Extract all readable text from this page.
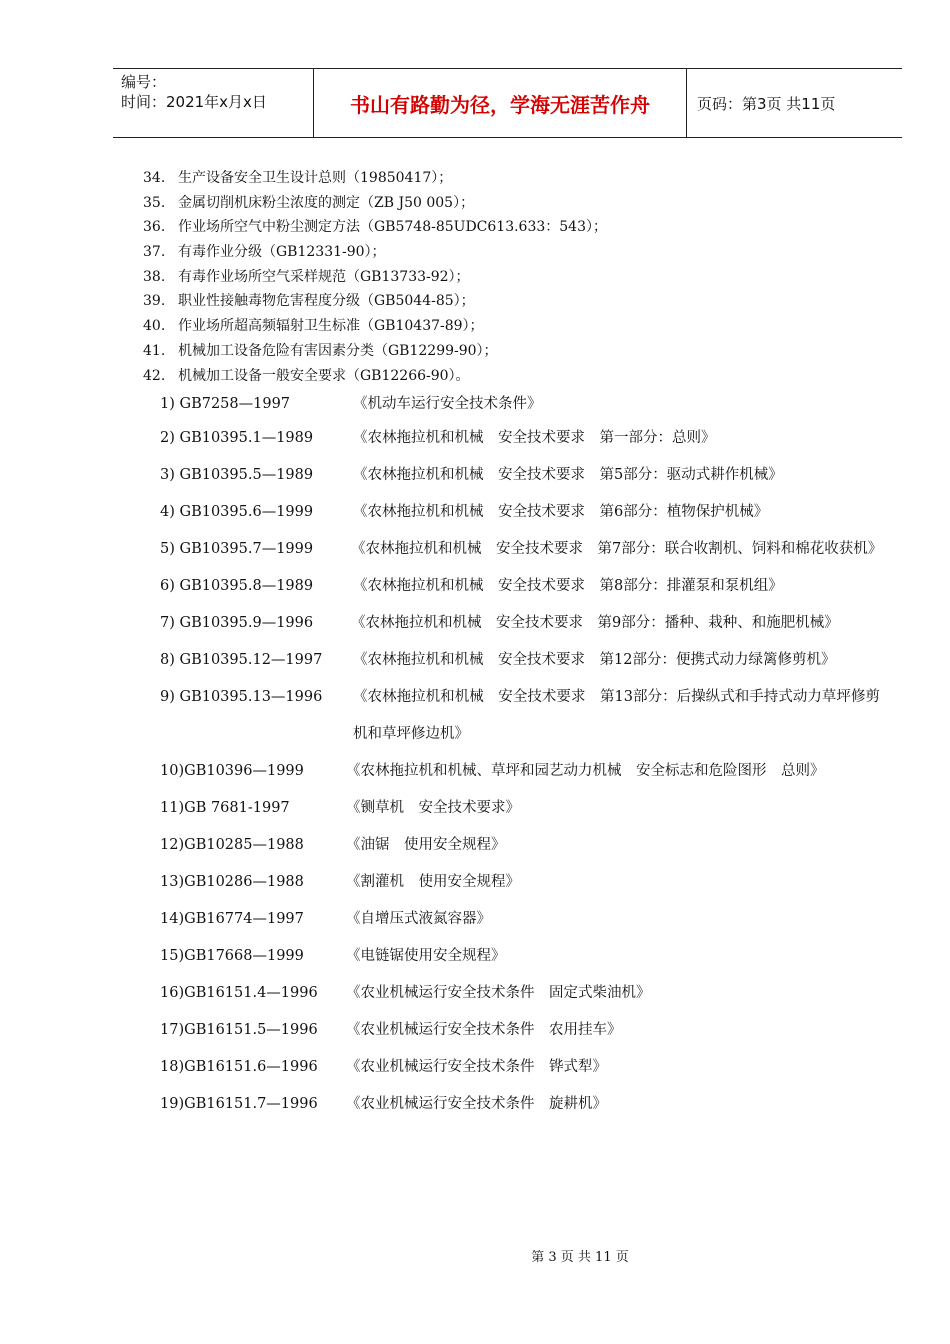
编号：
时间：2021年x月x日	书山有路勤为径，学海无涯苦作舟	页码：第3页 共11页
34. 生产设备安全卫生设计总则（19850417）；
35. 金属切削机床粉尘浓度的测定（ZB J50 005）；
36. 作业场所空气中粉尘测定方法（GB5748-85UDC613.633：543）；
37. 有毒作业分级（GB12331-90）；
38. 有毒作业场所空气采样规范（GB13733-92）；
39. 职业性接触毒物危害程度分级（GB5044-85）；
40. 作业场所超高频辐射卫生标准（GB10437-89）；
41. 机械加工设备危险有害因素分类（GB12299-90）；
42. 机械加工设备一般安全要求（GB12266-90）。
1) GB7258—1997	《机动车运行安全技术条件》
2) GB10395.1—1989	《农林拖拉机和机械　安全技术要求　第一部分：总则》
3) GB10395.5—1989	《农林拖拉机和机械　安全技术要求　第5部分：驱动式耕作机械》
4) GB10395.6—1999	《农林拖拉机和机械　安全技术要求　第6部分：植物保护机械》
5) GB10395.7—1999	《农林拖拉机和机械　安全技术要求　第7部分：联合收割机、饲料和棉花收获机》
6) GB10395.8—1989	《农林拖拉机和机械　安全技术要求　第8部分：排灌泵和泵机组》
7) GB10395.9—1996	《农林拖拉机和机械　安全技术要求　第9部分：播种、栽种、和施肥机械》
8) GB10395.12—1997	《农林拖拉机和机械　安全技术要求　第12部分：便携式动力绿篱修剪机》
9) GB10395.13—1996	《农林拖拉机和机械　安全技术要求　第13部分：后操纵式和手持式动力草坪修剪机和草坪修边机》
10)GB10396—1999	《农林拖拉机和机械、草坪和园艺动力机械　安全标志和危险图形　总则》
11)GB 7681-1997	《铡草机　安全技术要求》
12)GB10285—1988	《油锯　使用安全规程》
13)GB10286—1988	《割灌机　使用安全规程》
14)GB16774—1997	《自增压式液氮容器》
15)GB17668—1999	《电链锯使用安全规程》
16)GB16151.4—1996	《农业机械运行安全技术条件　固定式柴油机》
17)GB16151.5—1996	《农业机械运行安全技术条件　农用挂车》
18)GB16151.6—1996	《农业机械运行安全技术条件　铧式犁》
19)GB16151.7—1996	《农业机械运行安全技术条件　旋耕机》
第 3 页 共 11 页
